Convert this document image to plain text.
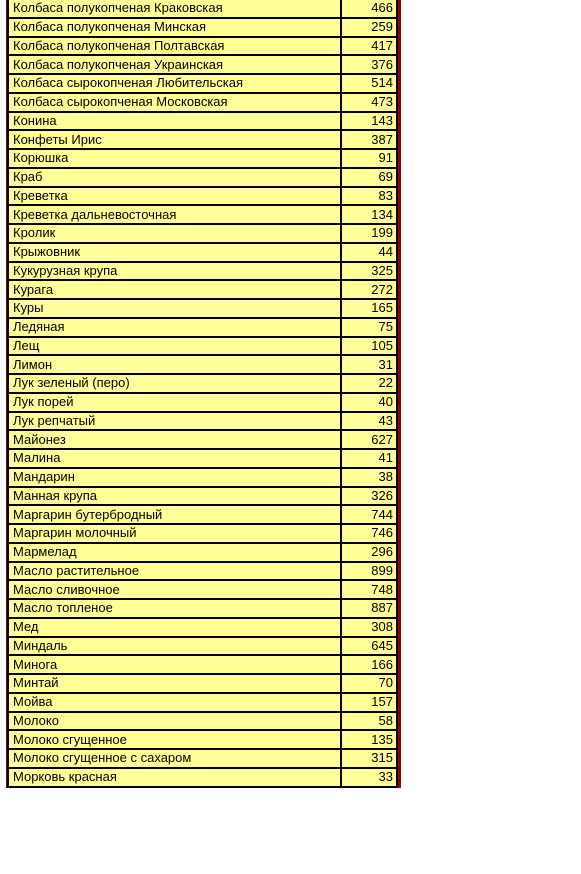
Колбаса полукопченая Краковская	466
Колбаса полукопченая Минская	259
Колбаса полукопченая Полтавская	417
Колбаса полукопченая Украинская	376
Колбаса сырокопченая Любительская	514
Колбаса сырокопченая Московская	473
Конина	143
Конфеты Ирис	387
Корюшка	91
Краб	69
Креветка	83
Креветка дальневосточная	134
Кролик	199
Крыжовник	44
Кукурузная крупа	325
Курага	272
Куры	165
Ледяная	75
Лещ	105
Лимон	31
Лук зеленый (перо)	22
Лук порей	40
Лук репчатый	43
Майонез	627
Малина	41
Мандарин	38
Манная крупа	326
Маргарин бутербродный	744
Маргарин молочный	746
Мармелад	296
Масло растительное	899
Масло сливочное	748
Масло топленое	887
Мед	308
Миндаль	645
Минога	166
Минтай	70
Мойва	157
Молоко	58
Молоко сгущенное	135
Молоко сгущенное с сахаром	315
Морковь красная	33
